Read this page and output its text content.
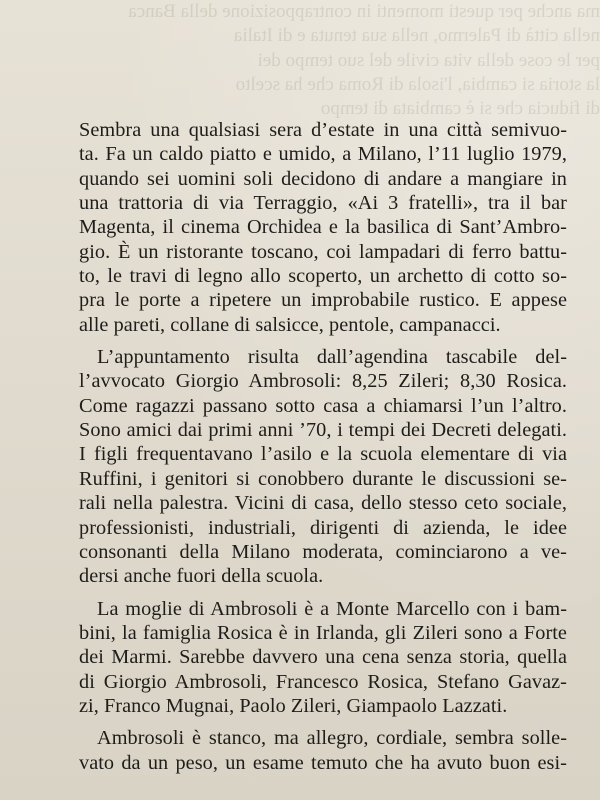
ma anche per questi momenti in contrapposizione della Banca

nella città di Palermo, nella sua tenuta e di Italia

per le cose della vita civile del suo tempo dei

la storia si cambia, l'isola di Roma che ha scelto

di fiducia che si è cambiata di tempo

Sembra una qualsiasi sera d’estate in una città semivuo-
ta. Fa un caldo piatto e umido, a Milano, l’11 luglio 1979,
quando sei uomini soli decidono di andare a mangiare in
una trattoria di via Terraggio, «Ai 3 fratelli», tra il bar
Magenta, il cinema Orchidea e la basilica di Sant’Ambro-
gio. È un ristorante toscano, coi lampadari di ferro battu-
to, le travi di legno allo scoperto, un archetto di cotto so-
pra le porte a ripetere un improbabile rustico. E appese
alle pareti, collane di salsicce, pentole, campanacci.

L’appuntamento risulta dall’agendina tascabile del-
l’avvocato Giorgio Ambrosoli: 8,25 Zileri; 8,30 Rosica.
Come ragazzi passano sotto casa a chiamarsi l’un l’altro.
Sono amici dai primi anni ’70, i tempi dei Decreti delegati.
I figli frequentavano l’asilo e la scuola elementare di via
Ruffini, i genitori si conobbero durante le discussioni se-
rali nella palestra. Vicini di casa, dello stesso ceto sociale,
professionisti, industriali, dirigenti di azienda, le idee
consonanti della Milano moderata, cominciarono a ve-
dersi anche fuori della scuola.

La moglie di Ambrosoli è a Monte Marcello con i bam-
bini, la famiglia Rosica è in Irlanda, gli Zileri sono a Forte
dei Marmi. Sarebbe davvero una cena senza storia, quella
di Giorgio Ambrosoli, Francesco Rosica, Stefano Gavaz-
zi, Franco Mugnai, Paolo Zileri, Giampaolo Lazzati.

Ambrosoli è stanco, ma allegro, cordiale, sembra solle-
vato da un peso, un esame temuto che ha avuto buon esi-
